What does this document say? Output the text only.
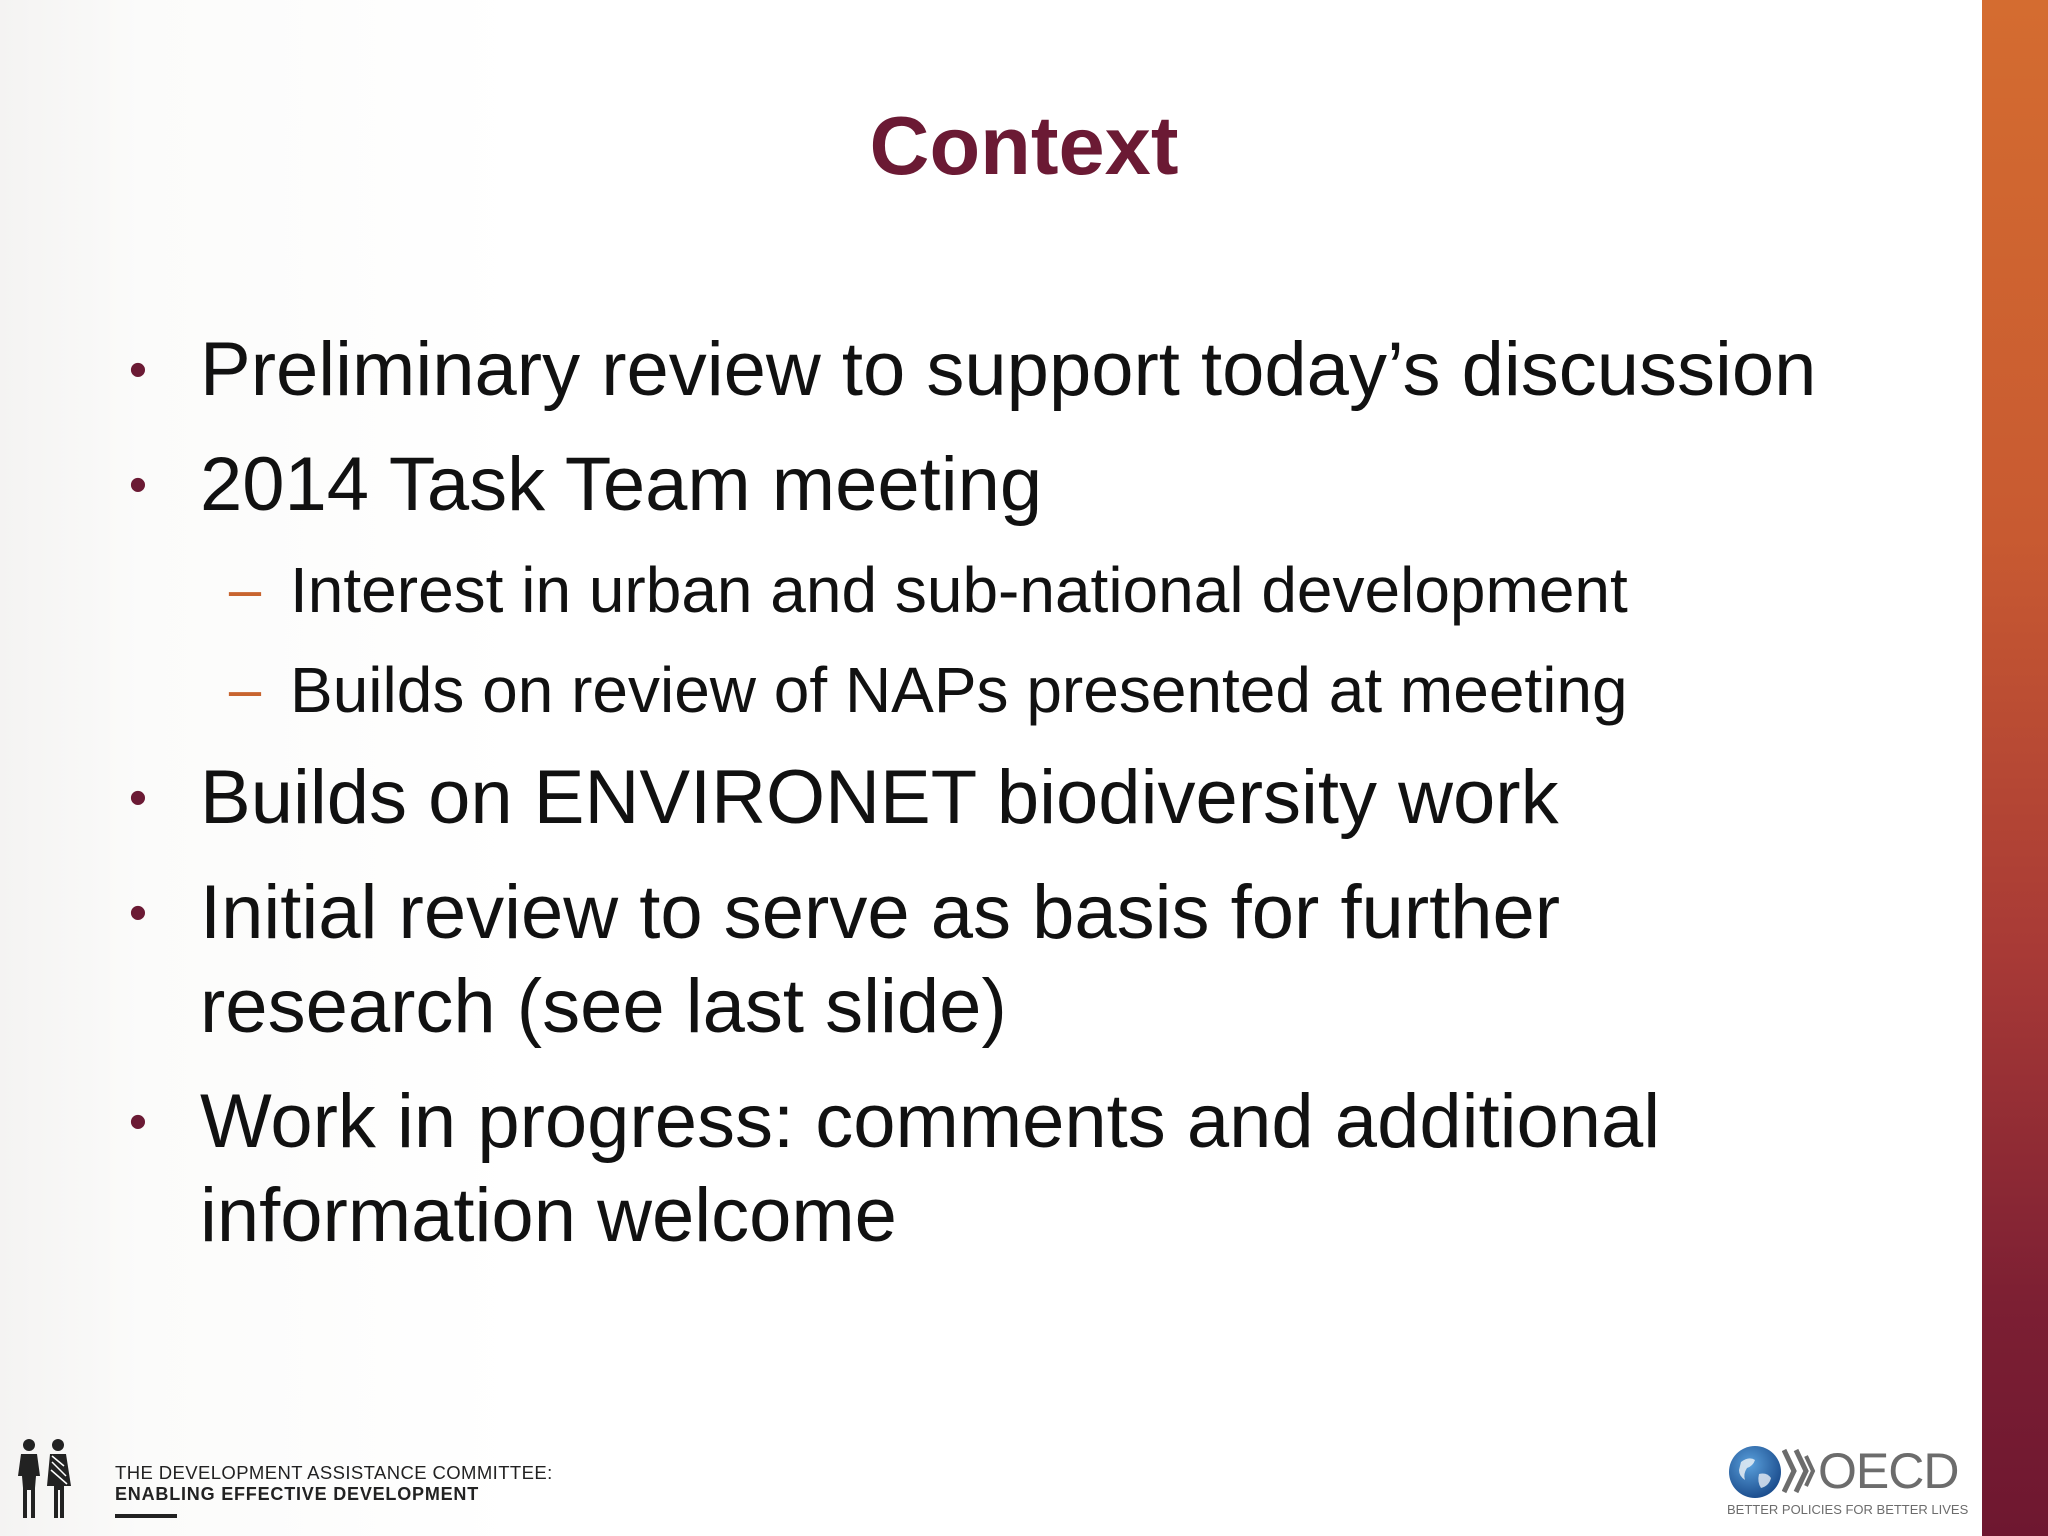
Context
• Preliminary review to support today’s discussion
• 2014 Task Team meeting
– Interest in urban and sub-national development
– Builds on review of NAPs presented at meeting
• Builds on ENVIRONET biodiversity work
• Initial review to serve as basis for further
research (see last slide)
• Work in progress: comments and additional
information welcome
THE DEVELOPMENT ASSISTANCE COMMITTEE:
ENABLING EFFECTIVE DEVELOPMENT	OECD
BETTER POLICIES FOR BETTER LIVES
